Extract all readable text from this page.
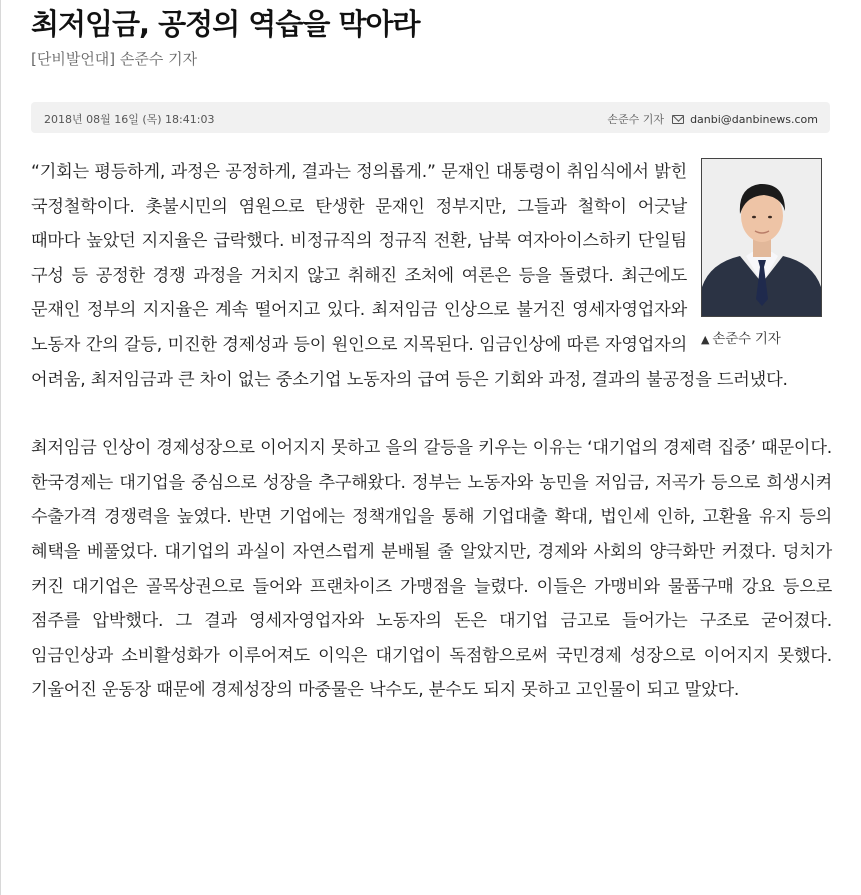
최저임금, 공정의 역습을 막아라
[단비발언대] 손준수 기자
2018년 08월 16일 (목) 18:41:03	손준수 기자 danbi@danbinews.com
▲ 손준수 기자

“기회는 평등하게, 과정은 공정하게, 결과는 정의롭게.” 문재인 대통령이 취임식에서 밝힌 국정철학이다. 촛불시민의 염원으로 탄생한 문재인 정부지만, 그들과 철학이 어긋날 때마다 높았던 지지율은 급락했다. 비정규직의 정규직 전환, 남북 여자아이스하키 단일팀 구성 등 공정한 경쟁 과정을 거치지 않고 취해진 조처에 여론은 등을 돌렸다. 최근에도 문재인 정부의 지지율은 계속 떨어지고 있다. 최저임금 인상으로 불거진 영세자영업자와 노동자 간의 갈등, 미진한 경제성과 등이 원인으로 지목된다. 임금인상에 따른 자영업자의 어려움, 최저임금과 큰 차이 없는 중소기업 노동자의 급여 등은 기회와 과정, 결과의 불공정을 드러냈다.

최저임금 인상이 경제성장으로 이어지지 못하고 을의 갈등을 키우는 이유는 ‘대기업의 경제력 집중’ 때문이다. 한국경제는 대기업을 중심으로 성장을 추구해왔다. 정부는 노동자와 농민을 저임금, 저곡가 등으로 희생시켜 수출가격 경쟁력을 높였다. 반면 기업에는 정책개입을 통해 기업대출 확대, 법인세 인하, 고환율 유지 등의 혜택을 베풀었다. 대기업의 과실이 자연스럽게 분배될 줄 알았지만, 경제와 사회의 양극화만 커졌다. 덩치가 커진 대기업은 골목상권으로 들어와 프랜차이즈 가맹점을 늘렸다. 이들은 가맹비와 물품구매 강요 등으로 점주를 압박했다. 그 결과 영세자영업자와 노동자의 돈은 대기업 금고로 들어가는 구조로 굳어졌다. 임금인상과 소비활성화가 이루어져도 이익은 대기업이 독점함으로써 국민경제 성장으로 이어지지 못했다. 기울어진 운동장 때문에 경제성장의 마중물은 낙수도, 분수도 되지 못하고 고인물이 되고 말았다.
